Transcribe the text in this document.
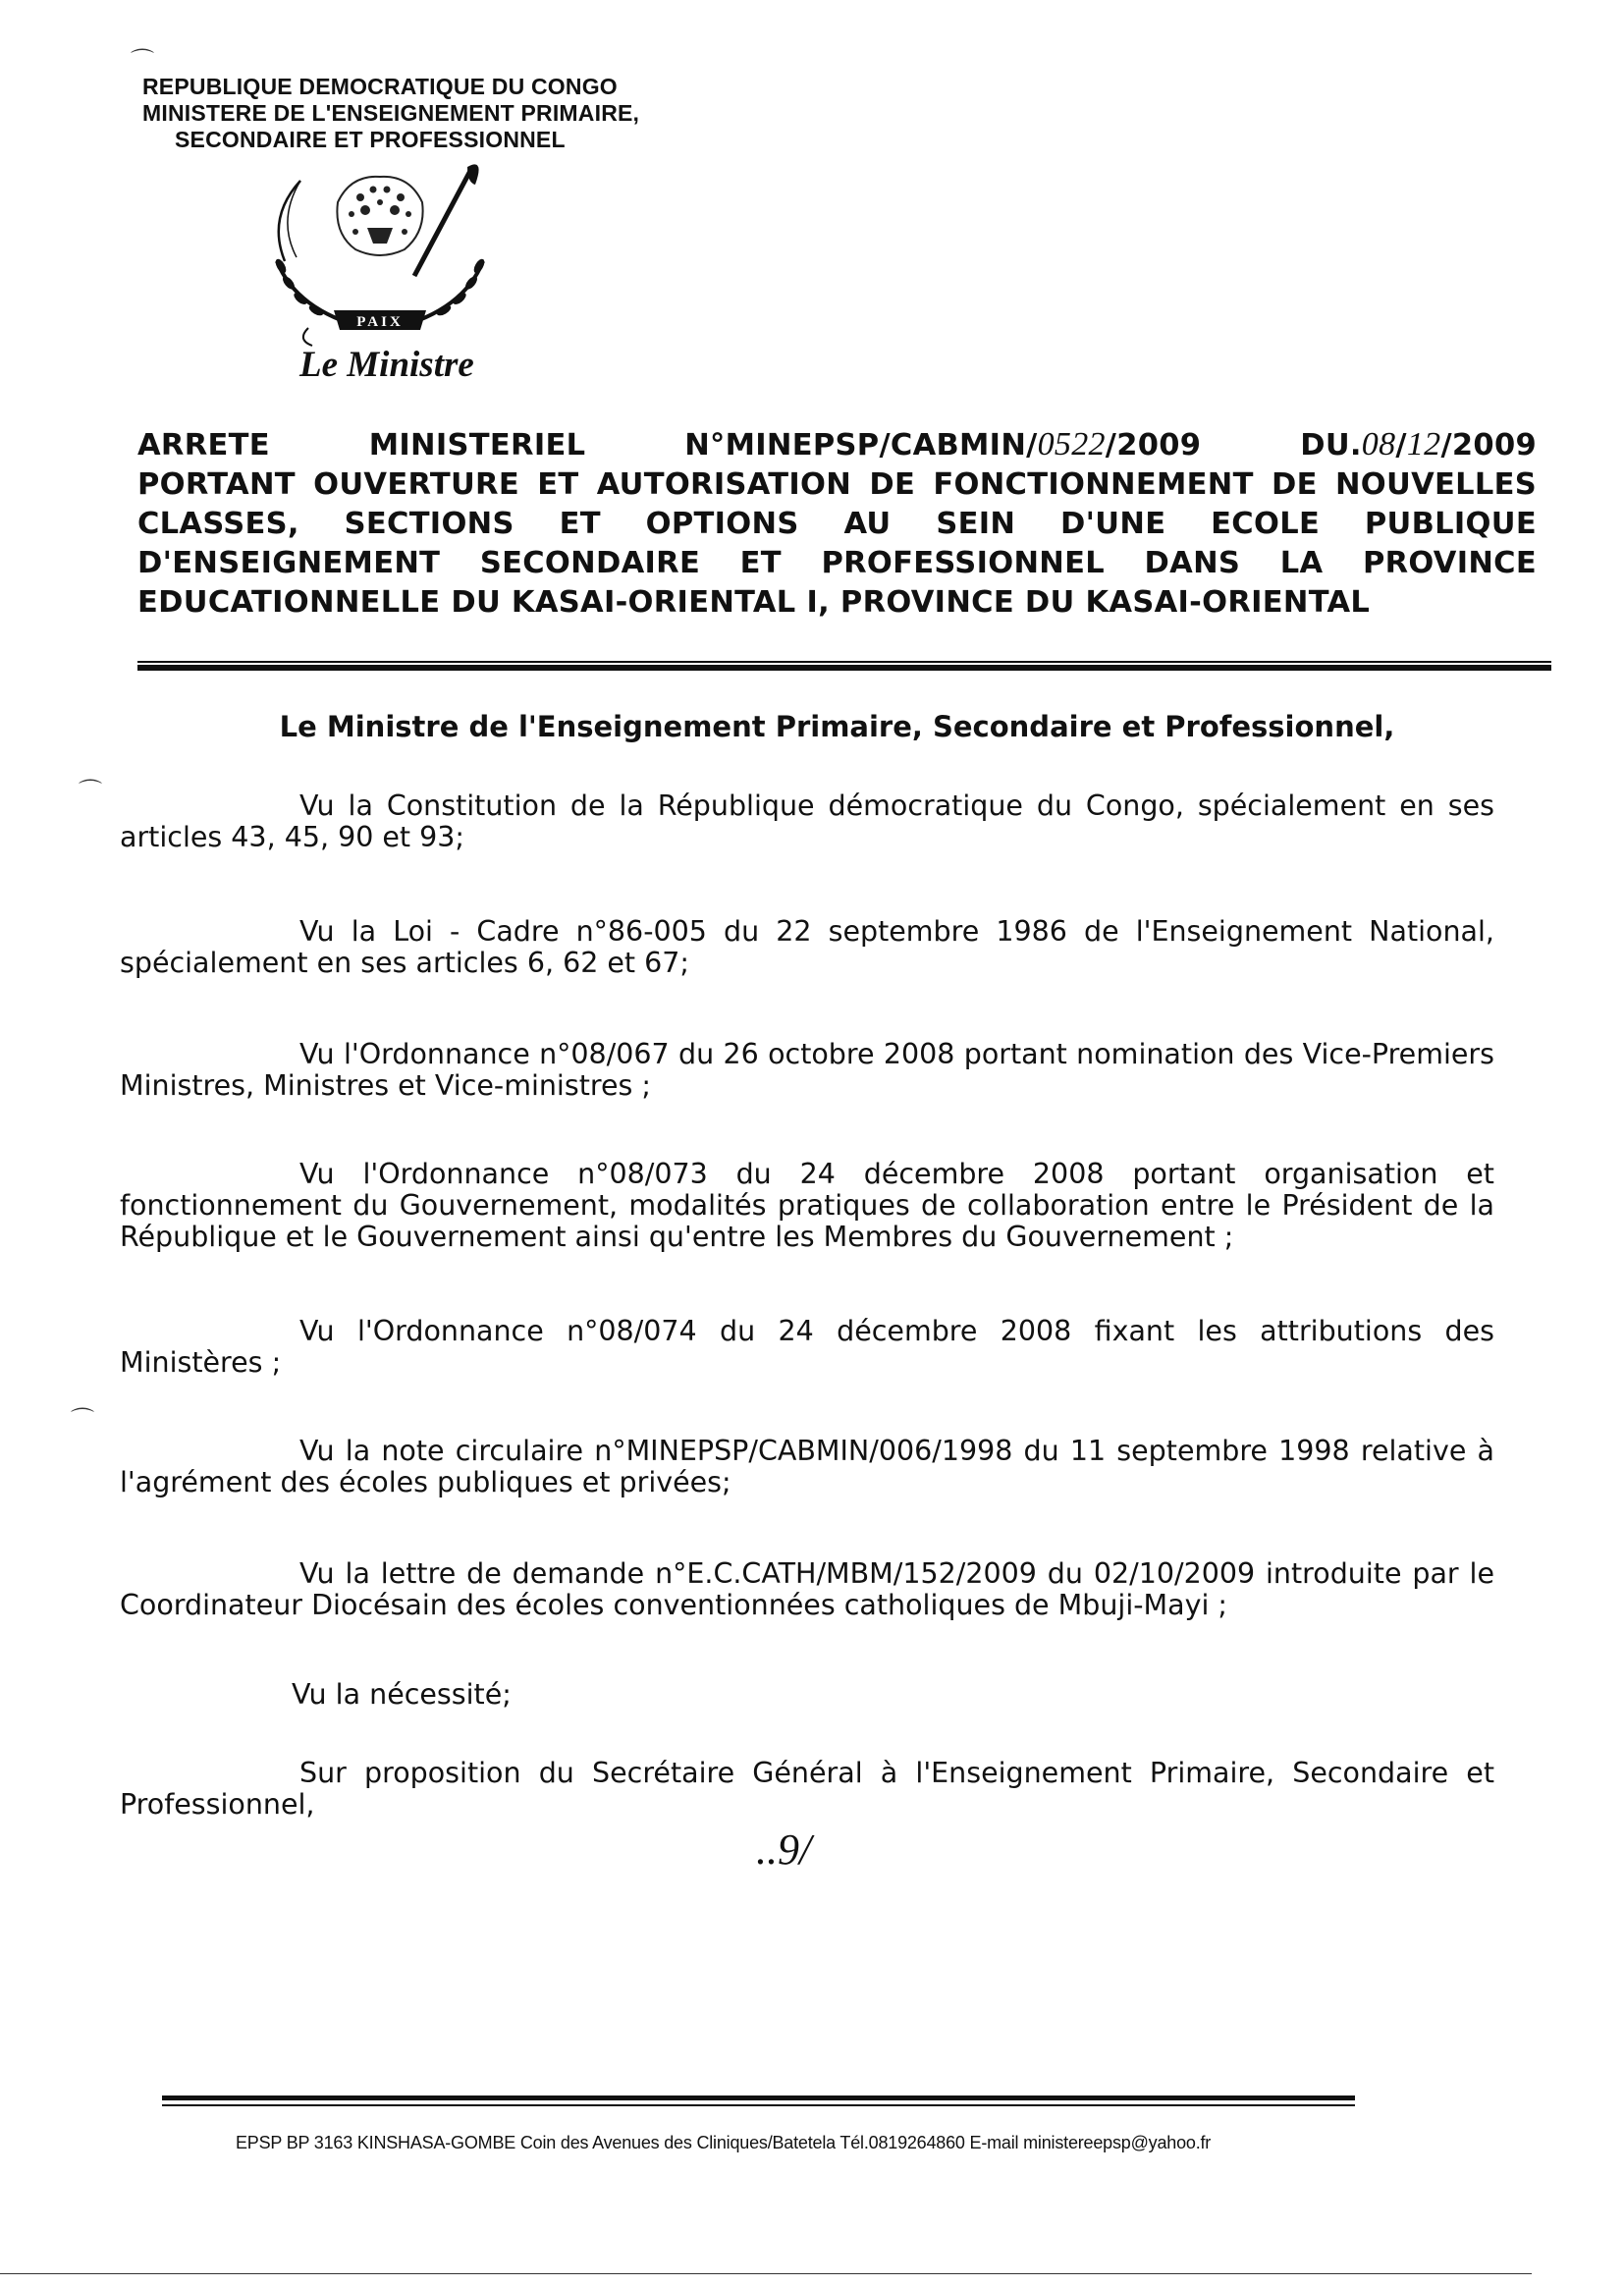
REPUBLIQUE DEMOCRATIQUE DU CONGO
MINISTERE DE L'ENSEIGNEMENT PRIMAIRE,
SECONDAIRE ET PROFESSIONNEL
PAIX
Le Ministre
ARRETE	MINISTERIEL	N°MINEPSP/CABMIN/0522/2009	DU.08/12/2009
PORTANT OUVERTURE ET AUTORISATION DE FONCTIONNEMENT DE NOUVELLES CLASSES, SECTIONS ET OPTIONS AU SEIN D'UNE ECOLE PUBLIQUE D'ENSEIGNEMENT SECONDAIRE ET PROFESSIONNEL DANS LA PROVINCE EDUCATIONNELLE DU KASAI-ORIENTAL I, PROVINCE DU KASAI-ORIENTAL
Le Ministre de l'Enseignement Primaire, Secondaire et Professionnel,
Vu la Constitution de la République démocratique du Congo, spécialement en ses articles 43, 45, 90 et 93;
Vu la Loi - Cadre n°86-005 du 22 septembre 1986 de l'Enseignement National, spécialement en ses articles 6, 62 et 67;
Vu l'Ordonnance n°08/067 du 26 octobre 2008 portant nomination des Vice-Premiers Ministres, Ministres et Vice-ministres ;
Vu l'Ordonnance n°08/073 du 24 décembre 2008 portant organisation et fonctionnement du Gouvernement, modalités pratiques de collaboration entre le Président de la République et le Gouvernement ainsi qu'entre les Membres du Gouvernement ;
Vu l'Ordonnance n°08/074 du 24 décembre 2008 fixant les attributions des Ministères ;
Vu la note circulaire n°MINEPSP/CABMIN/006/1998 du 11 septembre 1998 relative à l'agrément des écoles publiques et privées;
Vu la lettre de demande n°E.C.CATH/MBM/152/2009 du 02/10/2009 introduite par le Coordinateur Diocésain des écoles conventionnées catholiques de Mbuji-Mayi ;
Vu la nécessité;
Sur proposition du Secrétaire Général à l'Enseignement Primaire, Secondaire et Professionnel,
..9/
⌒
⌒
⌒
EPSP BP 3163 KINSHASA-GOMBE Coin des Avenues des Cliniques/Batetela Tél.0819264860 E-mail ministereepsp@yahoo.fr
